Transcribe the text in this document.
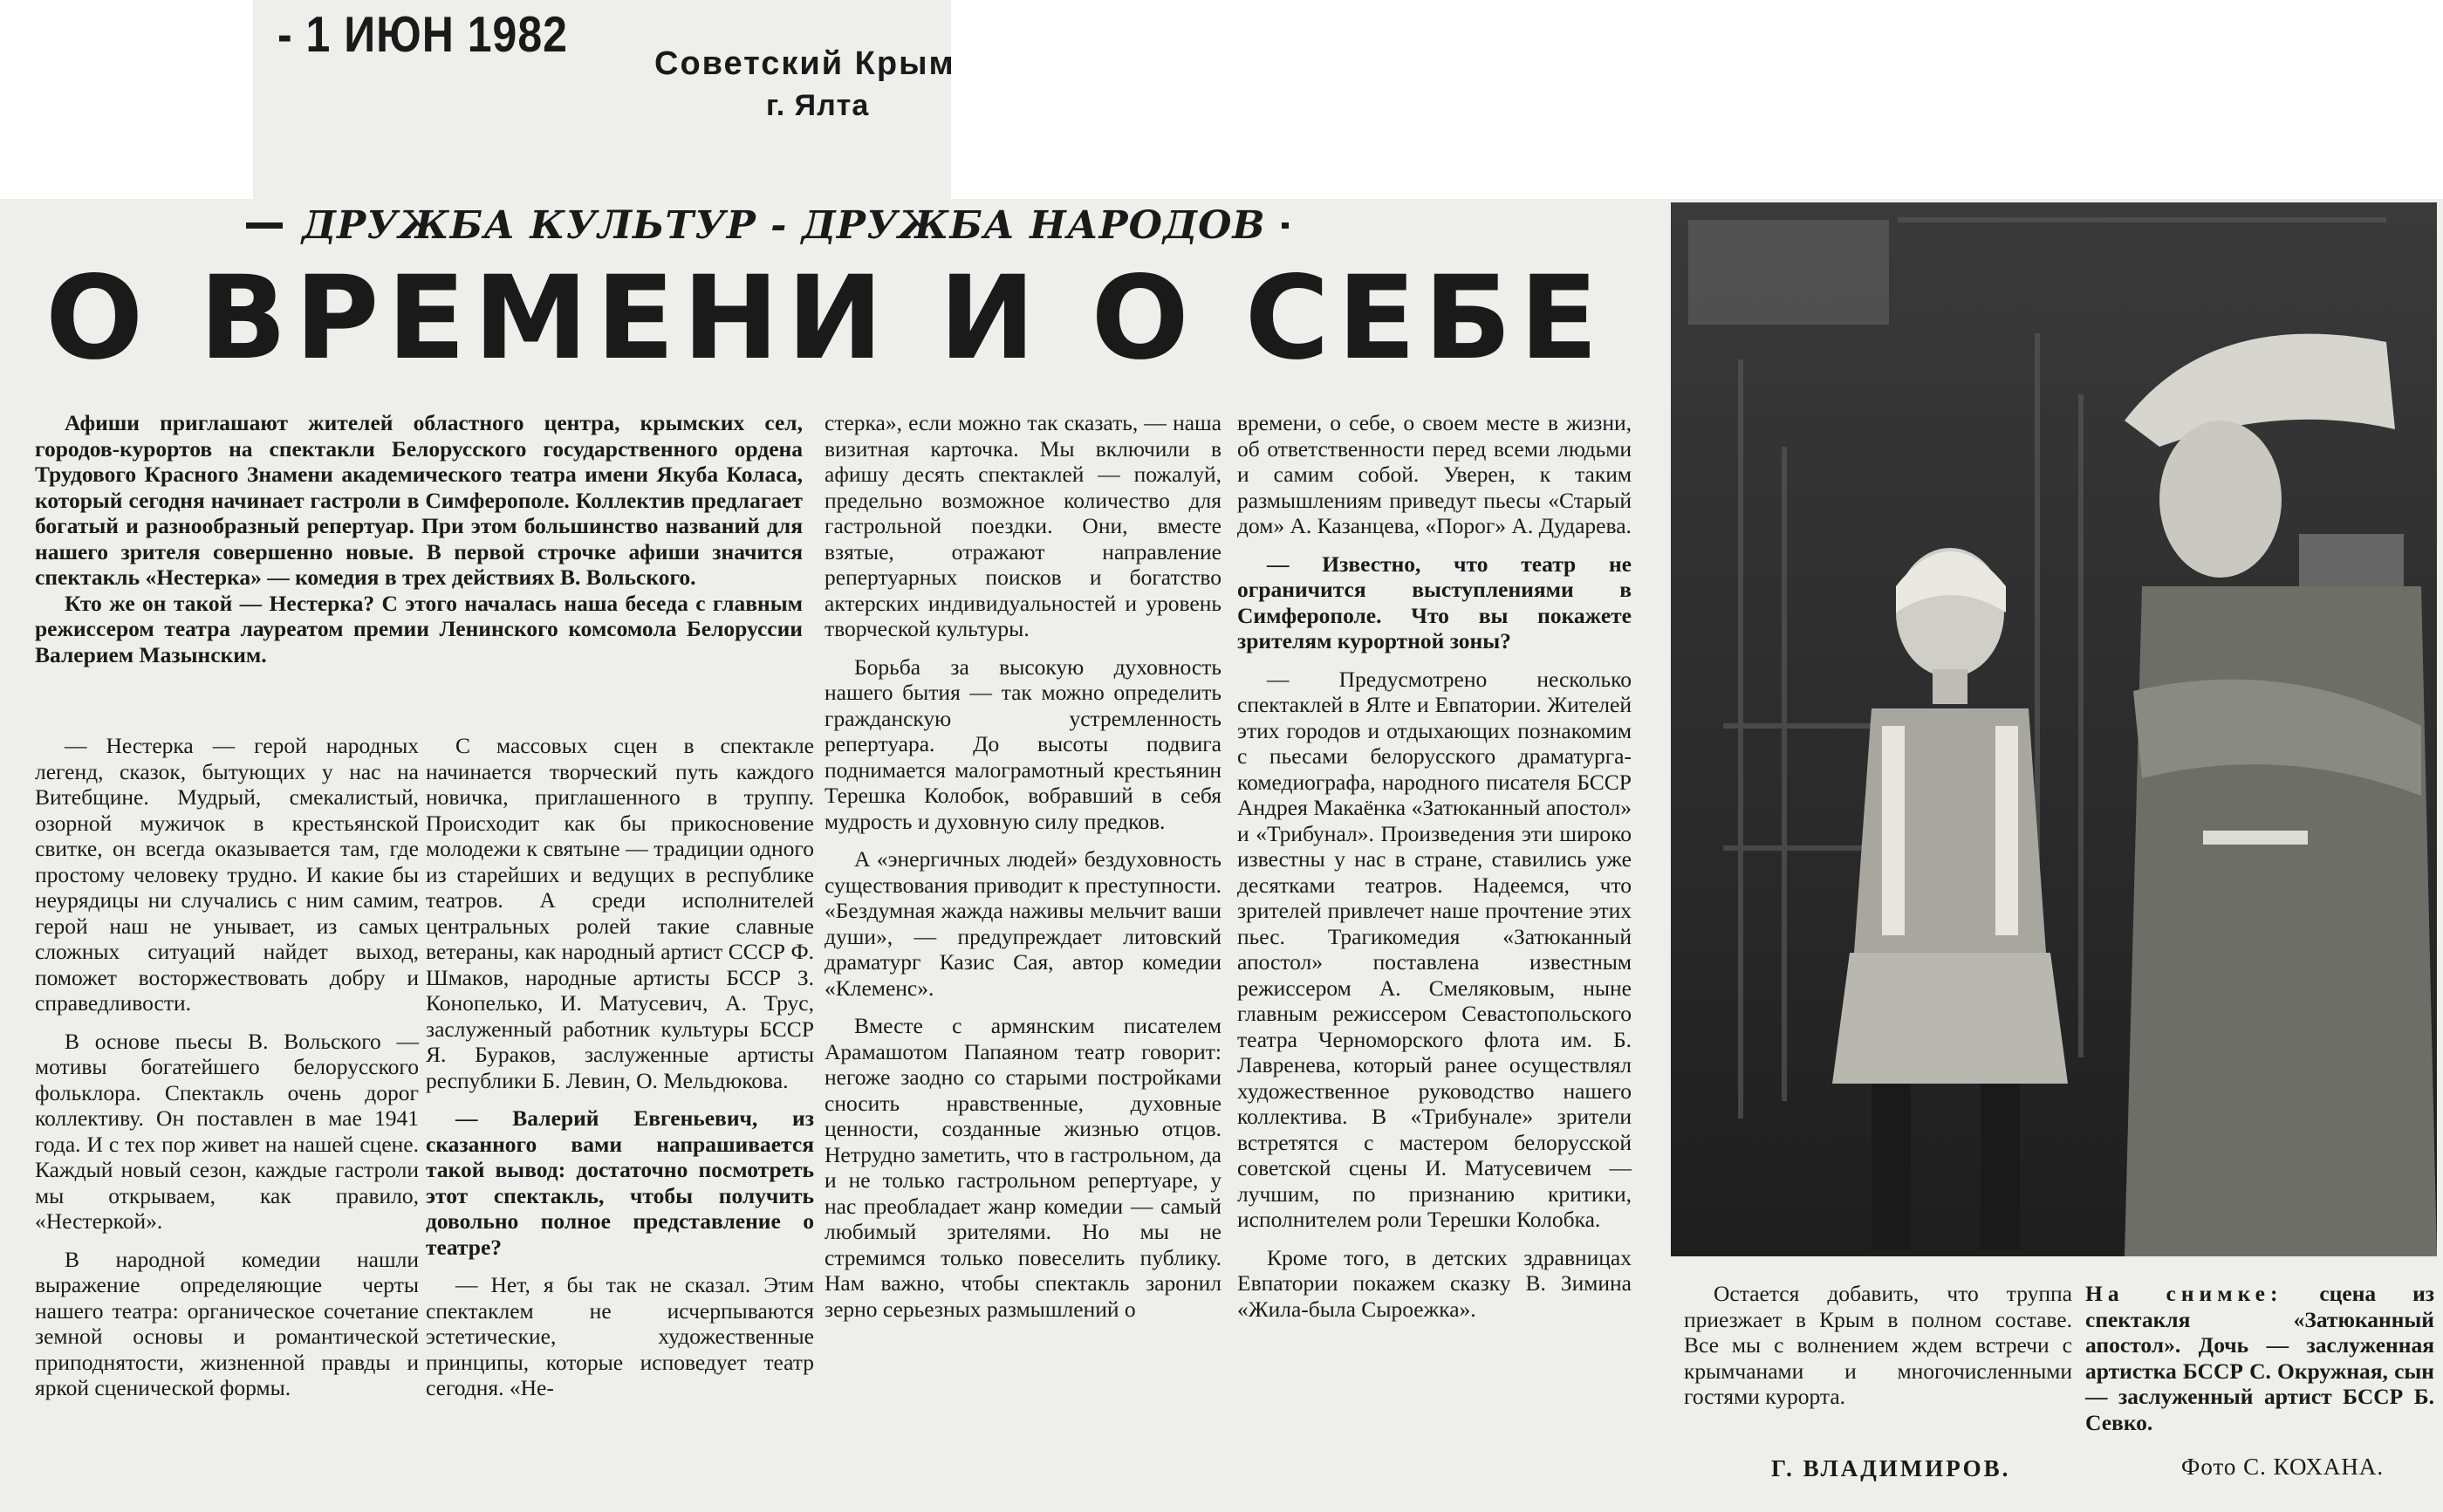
- 1 ИЮН 1982
Советский Крым
г. Ялта
ДРУЖБА КУЛЬТУР - ДРУЖБА НАРОДОВ
О ВРЕМЕНИ И О СЕБЕ

Афиши приглашают жителей областного центра, крымских сел, городов-курортов на спектакли Белорусского государственного ордена Трудового Красного Знамени академического театра имени Якуба Коласа, который сегодня начинает гастроли в Симферополе. Коллектив предлагает богатый и разнообразный репертуар. При этом большинство названий для нашего зрителя совершенно новые. В первой строчке афиши значится спектакль «Нестерка» — комедия в трех действиях В. Вольского.

Кто же он такой — Нестерка? С этого началась наша беседа с главным режиссером театра лауреатом премии Ленинского комсомола Белоруссии Валерием Мазынским.

— Нестерка — герой народных легенд, сказок, бытующих у нас на Витебщине. Мудрый, смекалистый, озорной мужичок в крестьянской свитке, он всегда оказывается там, где простому человеку трудно. И какие бы неурядицы ни случались с ним самим, герой наш не унывает, из самых сложных ситуаций найдет выход, поможет восторжествовать добру и справедливости.

В основе пьесы В. Вольского — мотивы богатейшего белорусского фольклора. Спектакль очень дорог коллективу. Он поставлен в мае 1941 года. И с тех пор живет на нашей сцене. Каждый новый сезон, каждые гастроли мы открываем, как правило, «Нестеркой».

В народной комедии нашли выражение определяющие черты нашего театра: органическое сочетание земной основы и романтической приподнятости, жизненной правды и яркой сценической формы.

С массовых сцен в спектакле начинается творческий путь каждого новичка, приглашенного в труппу. Происходит как бы прикосновение молодежи к святыне — традиции одного из старейших и ведущих в республике театров. А среди исполнителей центральных ролей такие славные ветераны, как народный артист СССР Ф. Шмаков, народные артисты БССР З. Конопелько, И. Матусевич, А. Трус, заслуженный работник культуры БССР Я. Бураков, заслуженные артисты республики Б. Левин, О. Мельдюкова.

— Валерий Евгеньевич, из сказанного вами напрашивается такой вывод: достаточно посмотреть этот спектакль, чтобы получить довольно полное представление о театре?

— Нет, я бы так не сказал. Этим спектаклем не исчерпываются эстетические, художественные принципы, которые исповедует театр сегодня. «Не-

стерка», если можно так сказать, — наша визитная карточка. Мы включили в афишу десять спектаклей — пожалуй, предельно возможное количество для гастрольной поездки. Они, вместе взятые, отражают направление репертуарных поисков и богатство актерских индивидуальностей и уровень творческой культуры.

Борьба за высокую духовность нашего бытия — так можно определить гражданскую устремленность репертуара. До высоты подвига поднимается малограмотный крестьянин Терешка Колобок, вобравший в себя мудрость и духовную силу предков.

А «энергичных людей» бездуховность существования приводит к преступности. «Бездумная жажда наживы мельчит ваши души», — предупреждает литовский драматург Казис Сая, автор комедии «Клеменс».

Вместе с армянским писателем Арамашотом Папаяном театр говорит: негоже заодно со старыми постройками сносить нравственные, духовные ценности, созданные жизнью отцов. Нетрудно заметить, что в гастрольном, да и не только гастрольном репертуаре, у нас преобладает жанр комедии — самый любимый зрителями. Но мы не стремимся только повеселить публику. Нам важно, чтобы спектакль заронил зерно серьезных размышлений о

времени, о себе, о своем месте в жизни, об ответственности перед всеми людьми и самим собой. Уверен, к таким размышлениям приведут пьесы «Старый дом» А. Казанцева, «Порог» А. Дударева.

— Известно, что театр не ограничится выступлениями в Симферополе. Что вы покажете зрителям курортной зоны?

— Предусмотрено несколько спектаклей в Ялте и Евпатории. Жителей этих городов и отдыхающих познакомим с пьесами белорусского драматурга-комедиографа, народного писателя БССР Андрея Макаёнка «Затюканный апостол» и «Трибунал». Произведения эти широко известны у нас в стране, ставились уже десятками театров. Надеемся, что зрителей привлечет наше прочтение этих пьес. Трагикомедия «Затюканный апостол» поставлена известным режиссером А. Смеляковым, ныне главным режиссером Севастопольского театра Черноморского флота им. Б. Лавренева, который ранее осуществлял художественное руководство нашего коллектива. В «Трибунале» зрители встретятся с мастером белорусской советской сцены И. Матусевичем — лучшим, по признанию критики, исполнителем роли Терешки Колобка.

Кроме того, в детских здравницах Евпатории покажем сказку В. Зимина «Жила-была Сыроежка».

Остается добавить, что труппа приезжает в Крым в полном составе. Все мы с волнением ждем встречи с крымчанами и многочисленными гостями курорта.

На снимке: сцена из спектакля «Затюканный апостол». Дочь — заслуженная артистка БССР С. Окружная, сын — заслуженный артист БССР Б. Севко.
Г. ВЛАДИМИРОВ.	Фото С. КОХАНА.
